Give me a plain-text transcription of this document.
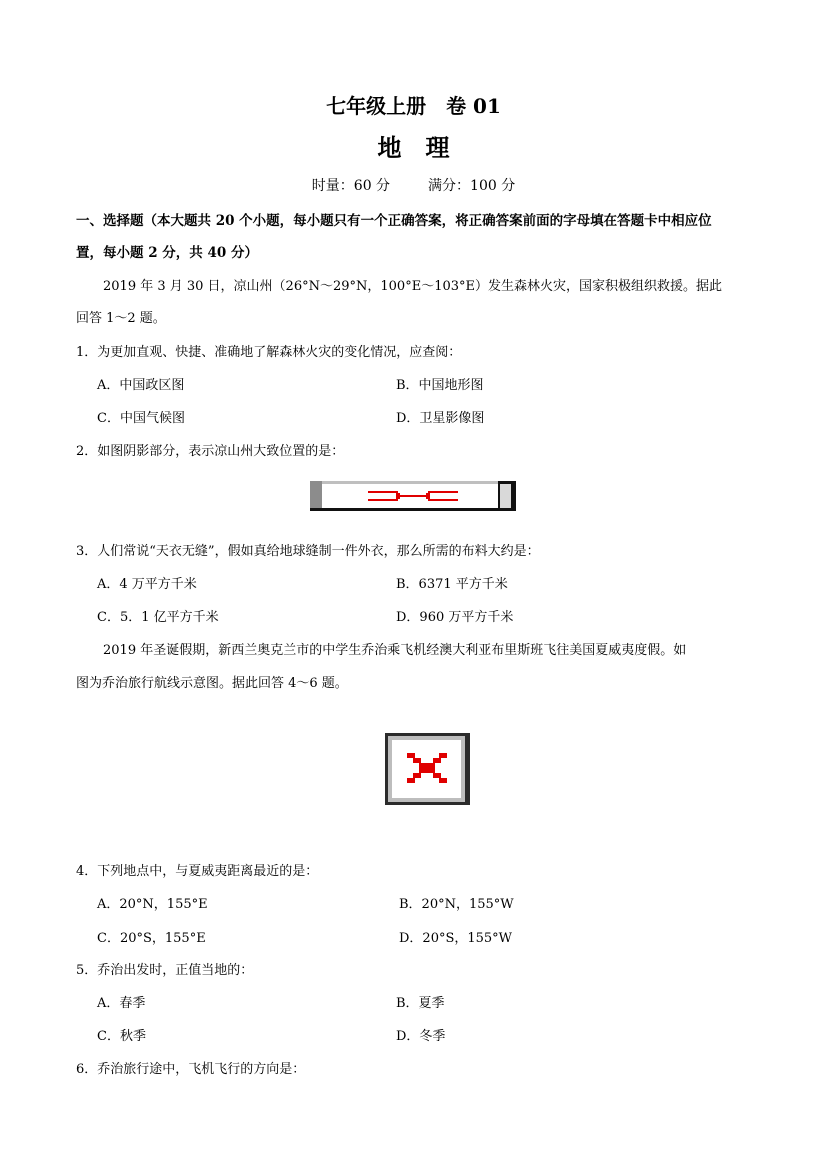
七年级上册　卷 01
地　理
时量：60 分	满分：100 分
一、选择题（本大题共 20 个小题，每小题只有一个正确答案，将正确答案前面的字母填在答题卡中相应位
置，每小题 2 分，共 40 分）
2019 年 3 月 30 日，凉山州（26°N～29°N，100°E～103°E）发生森林火灾，国家积极组织救援。据此
回答 1～2 题。
1．为更加直观、快捷、准确地了解森林火灾的变化情况，应查阅：
A．中国政区图	B．中国地形图
C．中国气候图	D．卫星影像图
2．如图阴影部分，表示凉山州大致位置的是：
3．人们常说“天衣无缝”，假如真给地球缝制一件外衣，那么所需的布料大约是：
A．4 万平方千米	B．6371 平方千米
C．5．1 亿平方千米	D．960 万平方千米
2019 年圣诞假期，新西兰奥克兰市的中学生乔治乘飞机经澳大利亚布里斯班飞往美国夏威夷度假。如
图为乔治旅行航线示意图。据此回答 4～6 题。
4．下列地点中，与夏威夷距离最近的是：
A．20°N，155°E	B．20°N，155°W
C．20°S，155°E	D．20°S，155°W
5．乔治出发时，正值当地的：
A．春季	B．夏季
C．秋季	D．冬季
6．乔治旅行途中，飞机飞行的方向是：
